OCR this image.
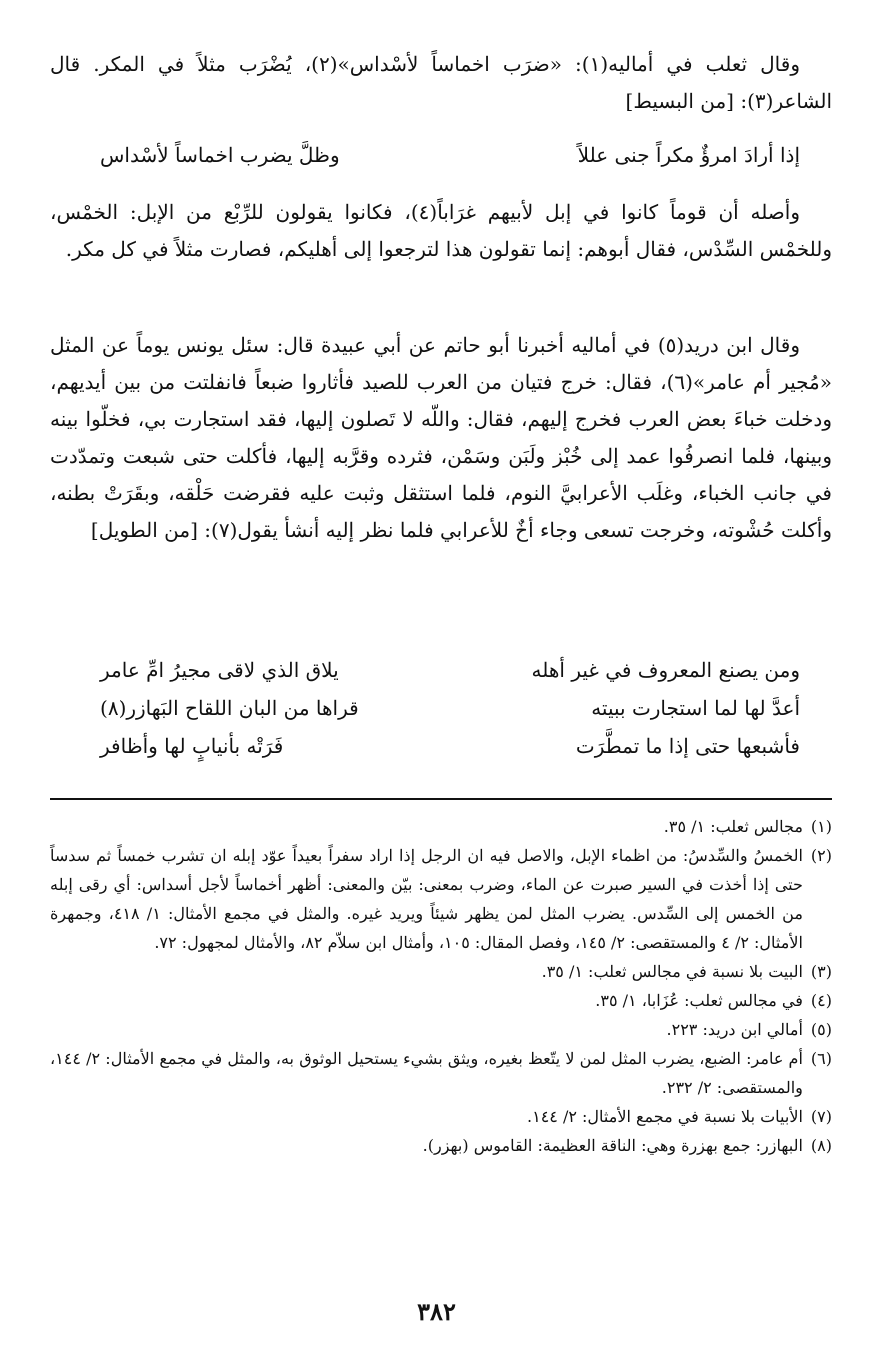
وقال ثعلب في أماليه(١): «ضرَب اخماساً لأسْداس»(٢)، يُضْرَب مثلاً في المكر. قال الشاعر(٣): [من البسيط]

إذا أرادَ امرؤٌ مكراً جنى عللاً
وظلَّ يضرب اخماساً لأسْداس

وأصله أن قوماً كانوا في إبل لأبيهم غرَاباً(٤)، فكانوا يقولون للرِّبْع من الإبل: الخمْس، وللخمْس السِّدْس، فقال أبوهم: إنما تقولون هذا لترجعوا إلى أهليكم، فصارت مثلاً في كل مكر.

وقال ابن دريد(٥) في أماليه أخبرنا أبو حاتم عن أبي عبيدة قال: سئل يونس يوماً عن المثل «مُجير أم عامر»(٦)، فقال: خرج فتيان من العرب للصيد فأثاروا ضبعاً فانفلتت من بين أيديهم، ودخلت خباءَ بعض العرب فخرج إليهم، فقال: واللّه لا تَصلون إليها، فقد استجارت بي، فخلّوا بينه وبينها، فلما انصرفُوا عمد إلى خُبْز ولَبَن وسَمْن، فثرده وقرَّبه إليها، فأكلت حتى شبعت وتمدّدت في جانب الخباء، وغلَب الأعرابيَّ النوم، فلما استثقل وثبت عليه فقرضت حَلْقه، وبقَرَتْ بطنه، وأكلت حُشْوته، وخرجت تسعى وجاء أخٌ للأعرابي فلما نظر إليه أنشأ يقول(٧): [من الطويل]

ومن يصنع المعروف في غير أهله
يلاق الذي لاقى مجيرُ امِّ عامر
أعدَّ لها لما استجارت ببيته
قراها من البان اللقاح البَهازر(٨)
فأشبعها حتى إذا ما تمطَّرَت
فَرَتْه بأنيابٍ لها وأظافر
(١)
مجالس ثعلب: ١/ ٣٥.
(٢)
الخمسُ والسِّدسُ: من اظماء الإبل، والاصل فيه ان الرجل إذا اراد سفراً بعيداً عوّد إبله ان تشرب خمساً ثم سدساً حتى إذا أخذت في السير صبرت عن الماء، وضرب بمعنى: بيّن والمعنى: أظهر أخماساً لأجل أسداس: أي رقى إبله من الخمس إلى السِّدس. يضرب المثل لمن يظهر شيئاً ويريد غيره. والمثل في مجمع الأمثال: ١/ ٤١٨، وجمهرة الأمثال: ٢/ ٤ والمستقصى: ٢/ ١٤٥، وفصل المقال: ١٠٥، وأمثال ابن سلاّم ٨٢، والأمثال لمجهول: ٧٢.
(٣)
البيت بلا نسبة في مجالس ثعلب: ١/ ٣٥.
(٤)
في مجالس ثعلب: عُزَابا، ١/ ٣٥.
(٥)
أمالي ابن دريد: ٢٢٣.
(٦)
أم عامر: الضبع، يضرب المثل لمن لا يتّعظ بغيره، ويثق بشيء يستحيل الوثوق به، والمثل في مجمع الأمثال: ٢/ ١٤٤، والمستقصى: ٢/ ٢٣٢.
(٧)
الأبيات بلا نسبة في مجمع الأمثال: ٢/ ١٤٤.
(٨)
البهازر: جمع بهزرة وهي: الناقة العظيمة: القاموس (بهزر).
٣٨٢
